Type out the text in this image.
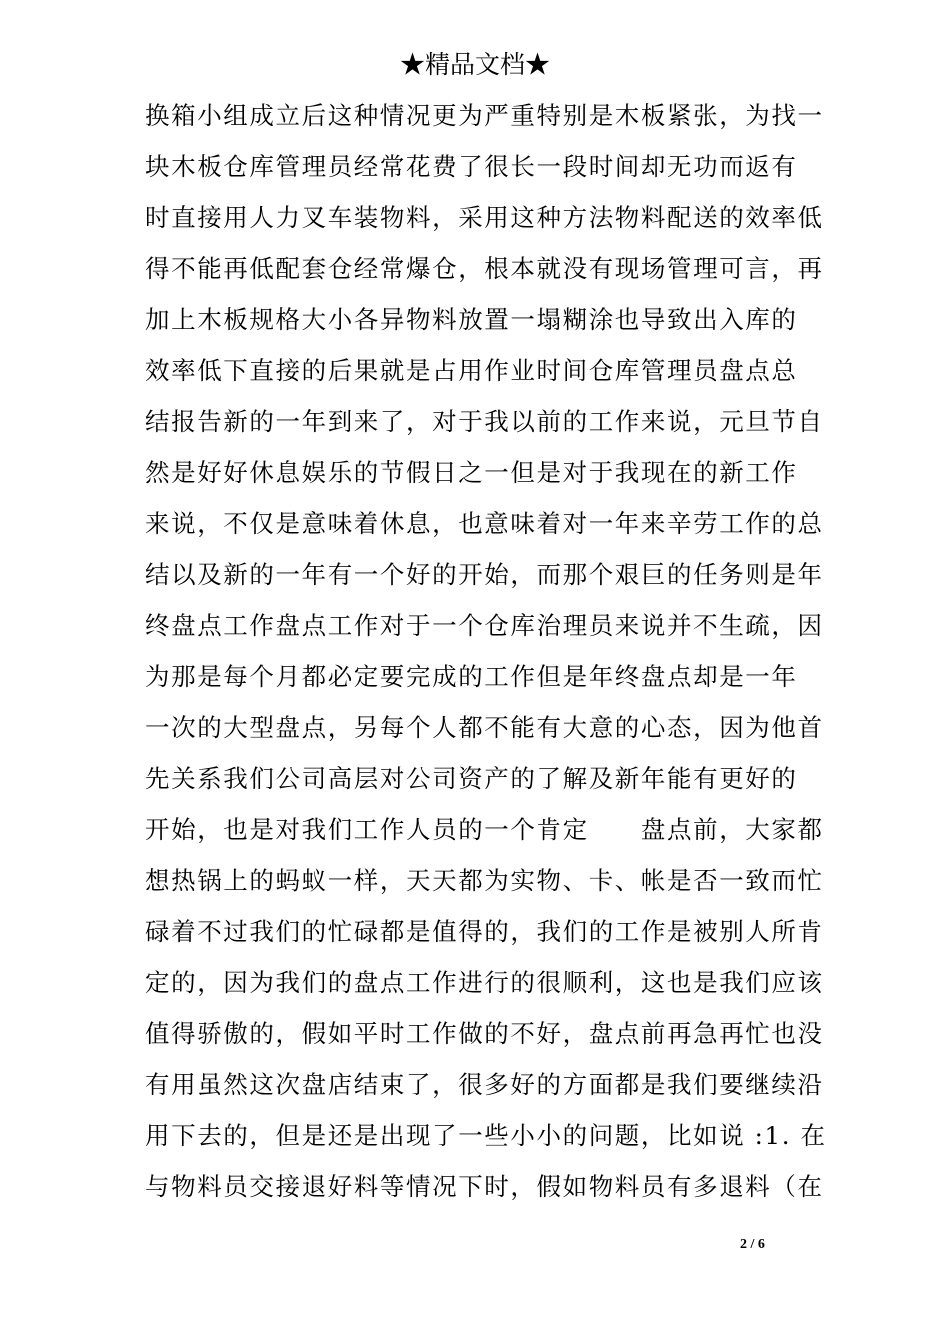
★精品文档★
换箱小组成立后这种情况更为严重特别是木板紧张，为找一
块木板仓库管理员经常花费了很长一段时间却无功而返有
时直接用人力叉车装物料，采用这种方法物料配送的效率低
得不能再低配套仓经常爆仓，根本就没有现场管理可言，再
加上木板规格大小各异物料放置一塌糊涂也导致出入库的
效率低下直接的后果就是占用作业时间仓库管理员盘点总
结报告新的一年到来了，对于我以前的工作来说，元旦节自
然是好好休息娱乐的节假日之一但是对于我现在的新工作
来说，不仅是意味着休息，也意味着对一年来辛劳工作的总
结以及新的一年有一个好的开始，而那个艰巨的任务则是年
终盘点工作盘点工作对于一个仓库治理员来说并不生疏，因
为那是每个月都必定要完成的工作但是年终盘点却是一年
一次的大型盘点，另每个人都不能有大意的心态，因为他首
先关系我们公司高层对公司资产的了解及新年能有更好的
开始，也是对我们工作人员的一个肯定　　盘点前，大家都
想热锅上的蚂蚁一样，天天都为实物、卡、帐是否一致而忙
碌着不过我们的忙碌都是值得的，我们的工作是被别人所肯
定的，因为我们的盘点工作进行的很顺利，这也是我们应该
值得骄傲的，假如平时工作做的不好，盘点前再急再忙也没
有用虽然这次盘店结束了，很多好的方面都是我们要继续沿
用下去的，但是还是出现了一些小小的问题，比如说 :1. 在
与物料员交接退好料等情况下时，假如物料员有多退料（在
2 / 6
